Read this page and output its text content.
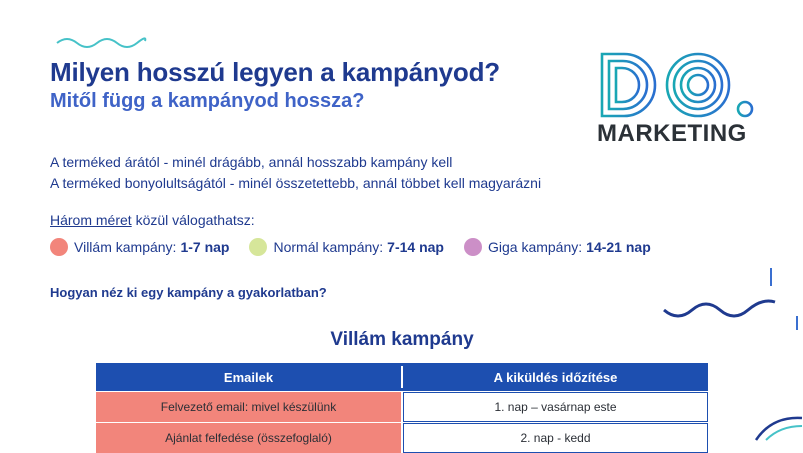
Milyen hosszú legyen a kampányod?
Mitől függ a kampányod hossza?
MARKETING

A terméked árától - minél drágább, annál hosszabb kampány kell

A terméked bonyolultságától - minél összetettebb, annál többet kell magyarázni

Három méret közül válogathatsz:

Villám kampány: 1-7 nap	Normál kampány: 7-14 nap	Giga kampány: 14-21 nap

Hogyan néz ki egy kampány a gyakorlatban?

Villám kampány
Emailek	A kiküldés időzítése
Felvezető email: mivel készülünk	1. nap – vasárnap este
Ajánlat felfedése (összefoglaló)	2. nap - kedd
